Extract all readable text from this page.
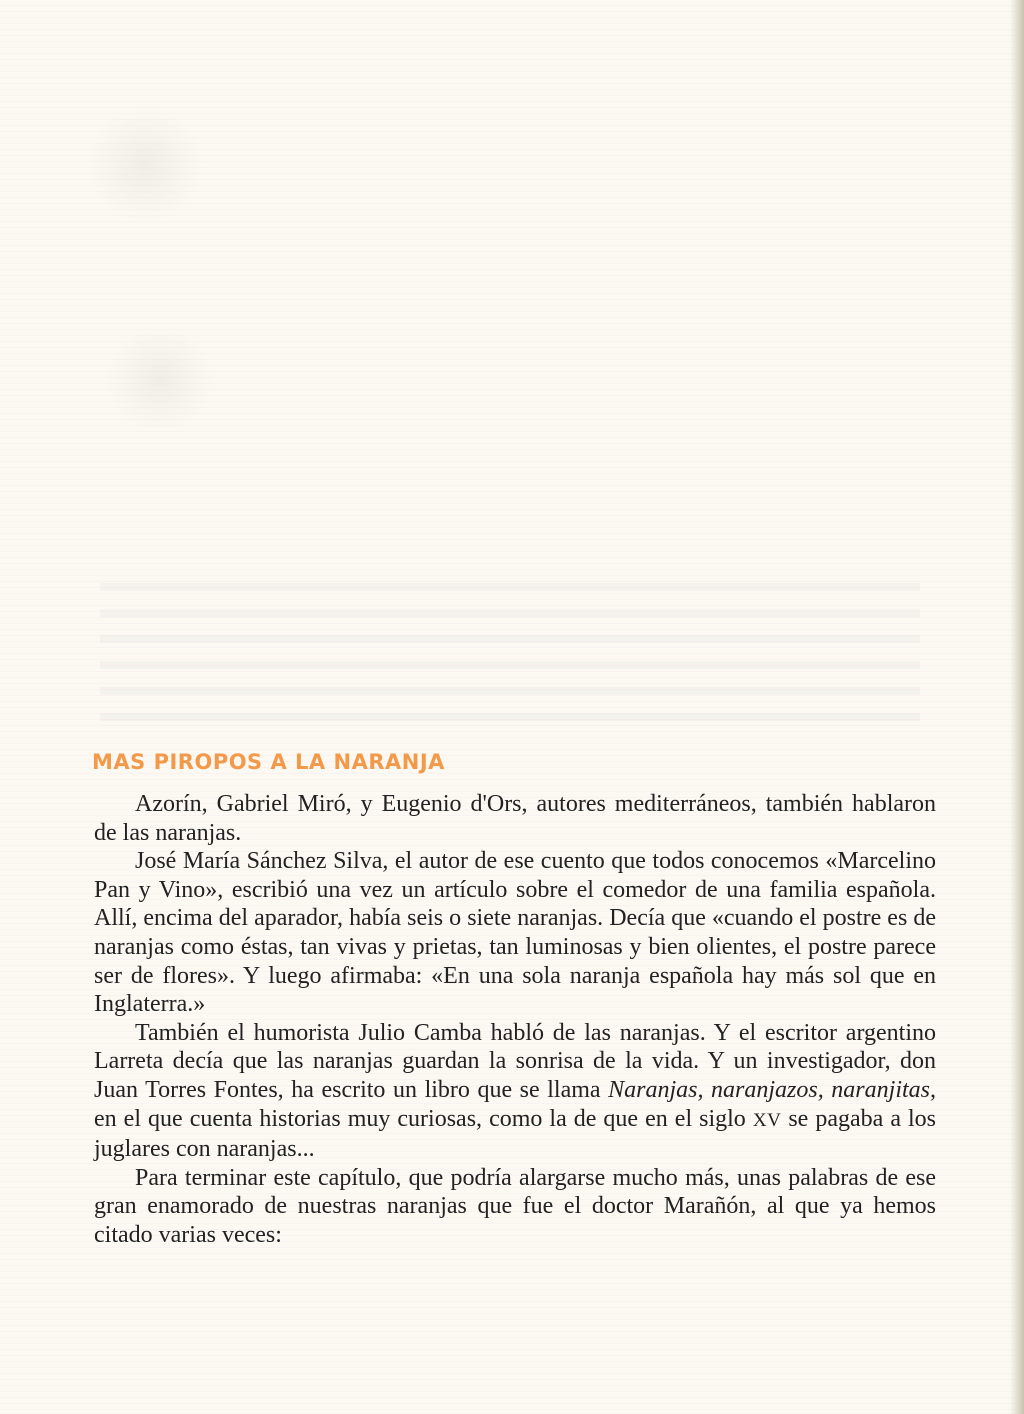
MAS PIROPOS A LA NARANJA

Azorín, Gabriel Miró, y Eugenio d'Ors, autores mediterráneos, también hablaron de las naranjas.

José María Sánchez Silva, el autor de ese cuento que todos conocemos «Marcelino Pan y Vino», escribió una vez un artículo sobre el comedor de una familia española. Allí, encima del aparador, había seis o siete naranjas. Decía que «cuando el postre es de naranjas como éstas, tan vivas y prietas, tan luminosas y bien olientes, el postre parece ser de flores». Y luego afirmaba: «En una sola naranja española hay más sol que en Inglaterra.»

También el humorista Julio Camba habló de las naranjas. Y el escritor argentino Larreta decía que las naranjas guardan la sonrisa de la vida. Y un investigador, don Juan Torres Fontes, ha escrito un libro que se llama Naranjas, naranjazos, naranjitas, en el que cuenta historias muy curiosas, como la de que en el siglo XV se pagaba a los juglares con naranjas...

Para terminar este capítulo, que podría alargarse mucho más, unas palabras de ese gran enamorado de nuestras naranjas que fue el doctor Marañón, al que ya hemos citado varias veces:
